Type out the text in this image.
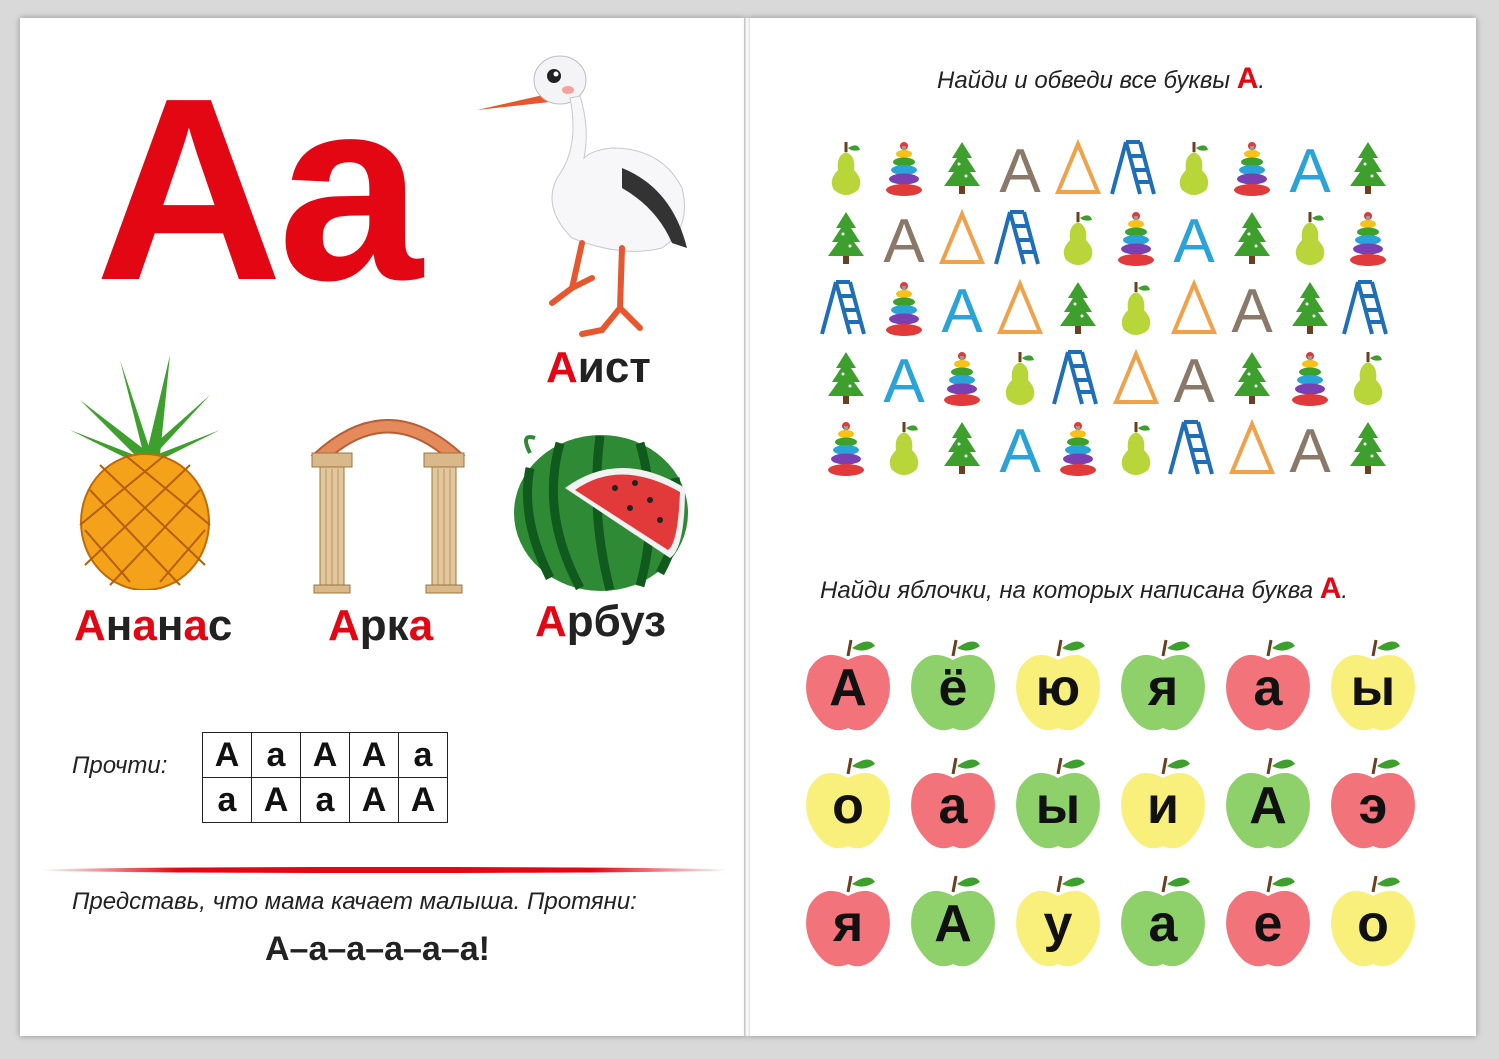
Аа
Аист
Ананас Арка Арбуз
Прочти: А	а	А	А	а
а	А	а	А	А
Представь, что мама качает малыша. Протяни:
А–а–а–а–а–а!
Найди и обведи все буквы А.
A	A
A	A
A	A
A	A
A	A
Найди яблочки, на которых написана буква А.
А	ё	ю	я	а	ы
о	а	ы	и	А	э
я	А	у	а	е	о
